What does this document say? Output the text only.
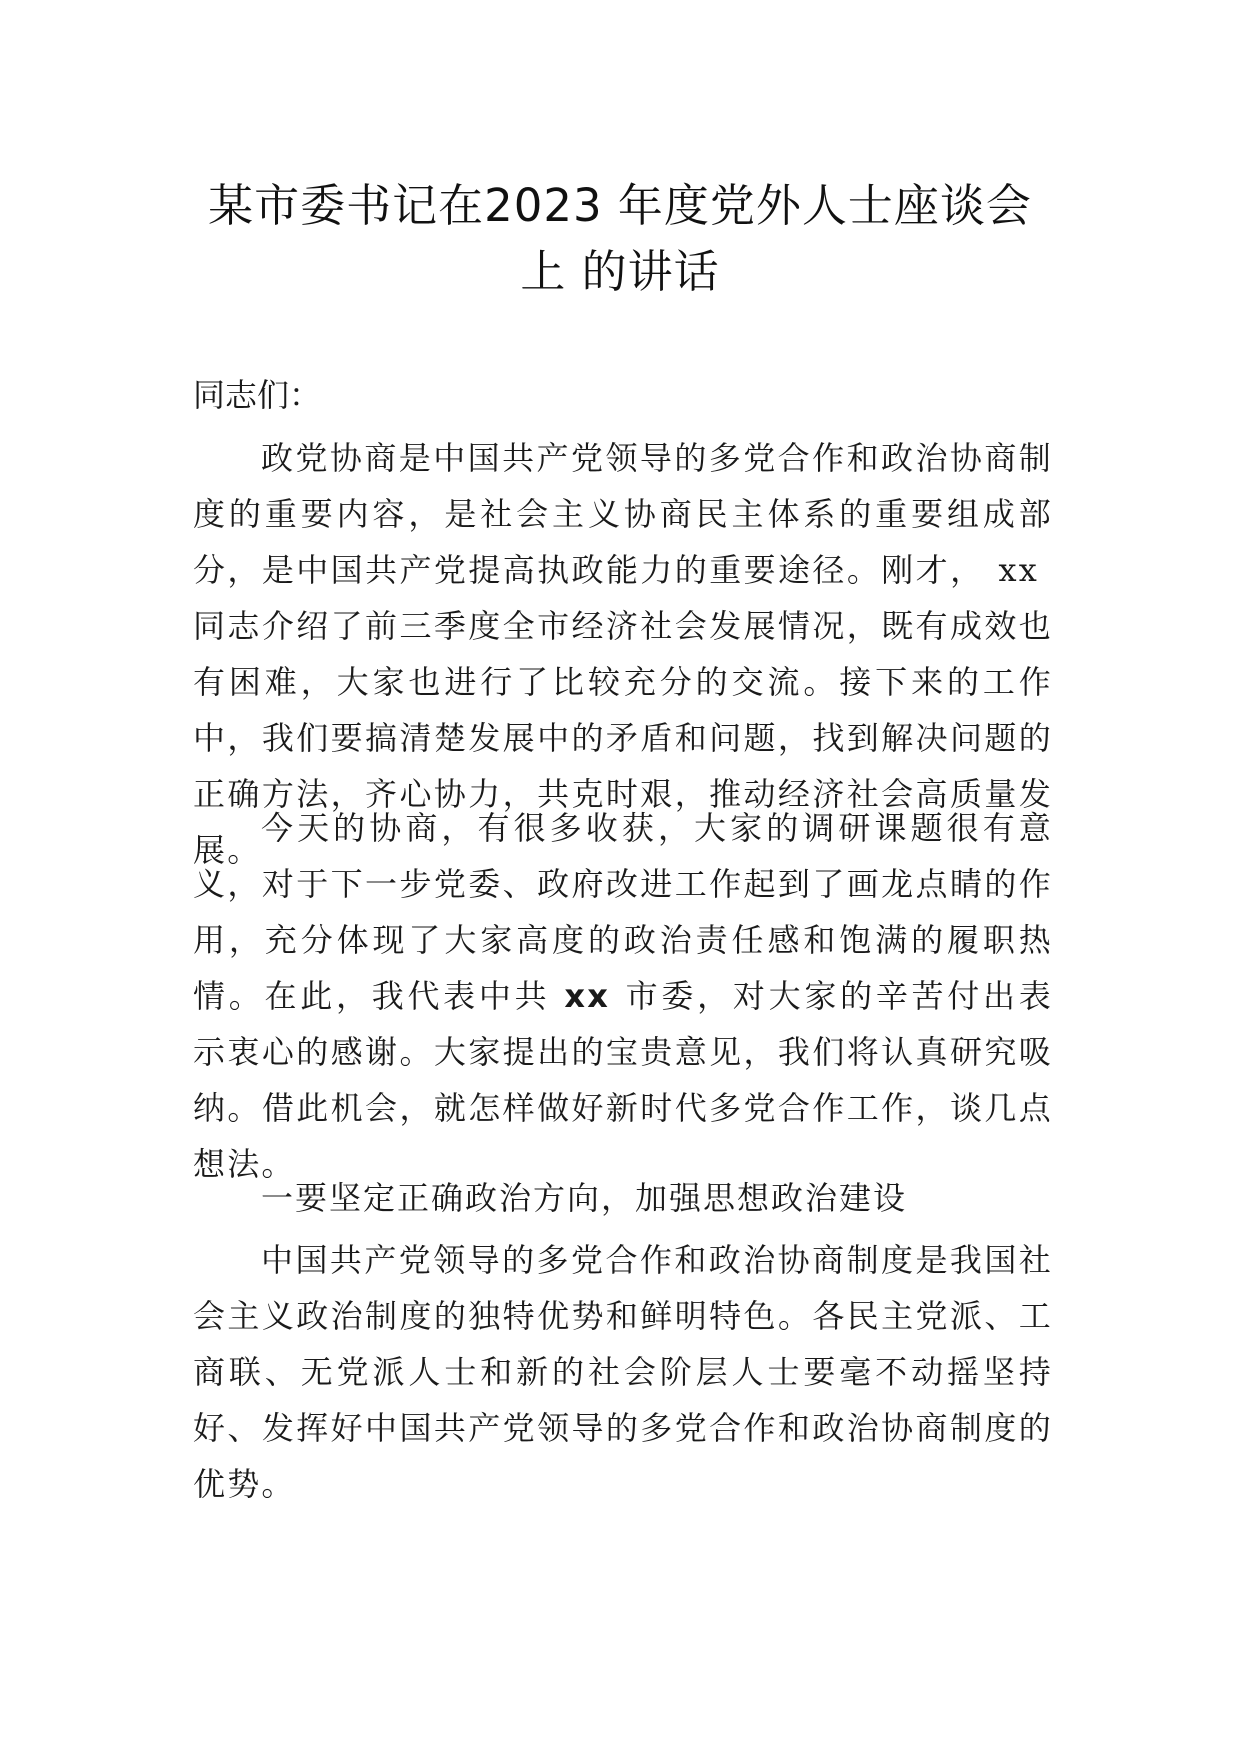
某市委书记在2023 年度党外人士座谈会
上 的讲话
同志们：
政党协商是中国共产党领导的多党合作和政治协商制度的重要内容，是社会主义协商民主体系的重要组成部分，是中国共产党提高执政能力的重要途径。刚才， xx同志介绍了前三季度全市经济社会发展情况，既有成效也有困难，大家也进行了比较充分的交流。接下来的工作中，我们要搞清楚发展中的矛盾和问题，找到解决问题的正确方法，齐心协力，共克时艰，推动经济社会高质量发展。
今天的协商，有很多收获，大家的调研课题很有意义，对于下一步党委、政府改进工作起到了画龙点睛的作用，充分体现了大家高度的政治责任感和饱满的履职热情。在此，我代表中共 xx 市委，对大家的辛苦付出表示衷心的感谢。大家提出的宝贵意见，我们将认真研究吸纳。借此机会，就怎样做好新时代多党合作工作，谈几点想法。
一要坚定正确政治方向，加强思想政治建设
中国共产党领导的多党合作和政治协商制度是我国社会主义政治制度的独特优势和鲜明特色。各民主党派、工商联、无党派人士和新的社会阶层人士要毫不动摇坚持好、发挥好中国共产党领导的多党合作和政治协商制度的优势。
